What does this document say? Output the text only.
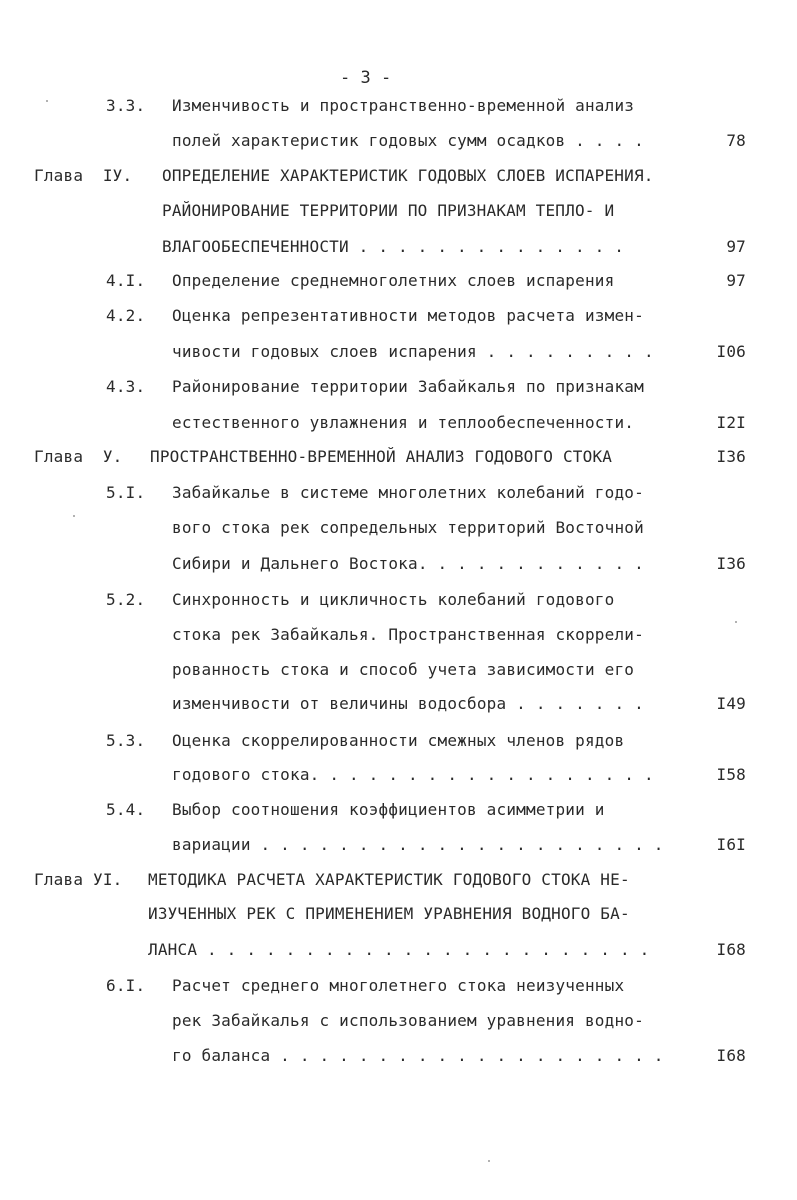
- 3 -
3.3. Изменчивость и пространственно-временной анализ
полей характеристик годовых сумм осадков . . . .	78
Глава  IУ. ОПРЕДЕЛЕНИЕ ХАРАКТЕРИСТИК ГОДОВЫХ СЛОЕВ ИСПАРЕНИЯ.
РАЙОНИРОВАНИЕ ТЕРРИТОРИИ ПО ПРИЗНАКАМ ТЕПЛО- И
ВЛАГООБЕСПЕЧЕННОСТИ . . . . . . . . . . . . . .	97
4.I. Определение среднемноголетних слоев испарения	97
4.2. Оценка репрезентативности методов расчета измен-
чивости годовых слоев испарения . . . . . . . . .	I06
4.3. Районирование территории Забайкалья по признакам
естественного увлажнения и теплообеспеченности.	I2I
Глава  У. ПРОСТРАНСТВЕННО-ВРЕМЕННОЙ АНАЛИЗ ГОДОВОГО СТОКА	I36
5.I. Забайкалье в системе многолетних колебаний годо-
вого стока рек сопредельных территорий Восточной
Сибири и Дальнего Востока. . . . . . . . . . . .	I36
5.2. Синхронность и цикличность колебаний годового
стока рек Забайкалья. Пространственная скоррели-
рованность стока и способ учета зависимости его
изменчивости от величины водосбора . . . . . . .	I49
5.3. Оценка скоррелированности смежных членов рядов
годового стока. . . . . . . . . . . . . . . . . .	I58
5.4. Выбор соотношения коэффициентов асимметрии и
вариации . . . . . . . . . . . . . . . . . . . . .	I6I
Глава УI. МЕТОДИКА РАСЧЕТА ХАРАКТЕРИСТИК ГОДОВОГО СТОКА НЕ-
ИЗУЧЕННЫХ РЕК С ПРИМЕНЕНИЕМ УРАВНЕНИЯ ВОДНОГО БА-
ЛАНСА . . . . . . . . . . . . . . . . . . . . . . .	I68
6.I. Расчет среднего многолетнего стока неизученных
рек Забайкалья с использованием уравнения водно-
го баланса . . . . . . . . . . . . . . . . . . . .	I68
